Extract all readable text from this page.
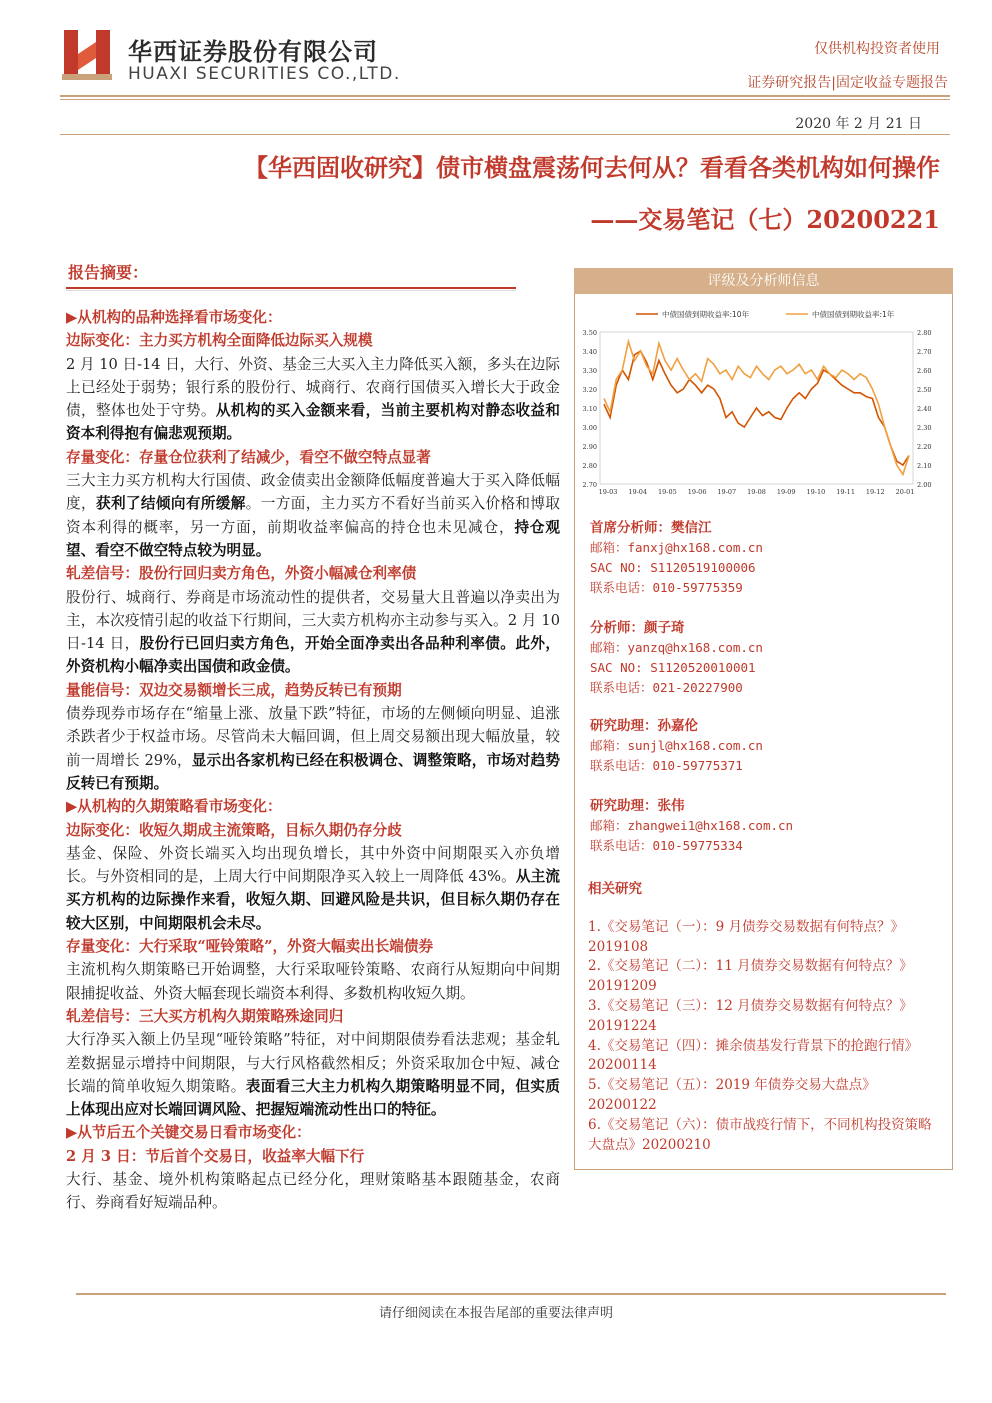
华西证券股份有限公司
HUAXI SECURITIES CO.,LTD.
仅供机构投资者使用
证券研究报告|固定收益专题报告
2020 年 2 月 21 日
【华西固收研究】债市横盘震荡何去何从？看看各类机构如何操作
——交易笔记（七）20200221
报告摘要：

▶从机构的品种选择看市场变化：

边际变化：主力买方机构全面降低边际买入规模

2 月 10 日-14 日，大行、外资、基金三大买入主力降低买入额，多头在边际上已经处于弱势；银行系的股份行、城商行、农商行国债买入增长大于政金债，整体也处于守势。从机构的买入金额来看，当前主要机构对静态收益和资本利得抱有偏悲观预期。

存量变化：存量仓位获利了结减少，看空不做空特点显著

三大主力买方机构大行国债、政金债卖出金额降低幅度普遍大于买入降低幅度，获利了结倾向有所缓解。一方面，主力买方不看好当前买入价格和博取资本利得的概率，另一方面，前期收益率偏高的持仓也未见减仓，持仓观望、看空不做空特点较为明显。

轧差信号：股份行回归卖方角色，外资小幅减仓利率债

股份行、城商行、券商是市场流动性的提供者，交易量大且普遍以净卖出为主，本次疫情引起的收益下行期间，三大卖方机构亦主动参与买入。2 月 10 日-14 日，股份行已回归卖方角色，开始全面净卖出各品种利率债。此外，外资机构小幅净卖出国债和政金债。

量能信号：双边交易额增长三成，趋势反转已有预期

债券现券市场存在“缩量上涨、放量下跌”特征，市场的左侧倾向明显、追涨杀跌者少于权益市场。尽管尚未大幅回调，但上周交易额出现大幅放量，较前一周增长 29%，显示出各家机构已经在积极调仓、调整策略，市场对趋势反转已有预期。

▶从机构的久期策略看市场变化：

边际变化：收短久期成主流策略，目标久期仍存分歧

基金、保险、外资长端买入均出现负增长，其中外资中间期限买入亦负增长。与外资相同的是，上周大行中间期限净买入较上一周降低 43%。从主流买方机构的边际操作来看，收短久期、回避风险是共识，但目标久期仍存在较大区别，中间期限机会未尽。

存量变化：大行采取“哑铃策略”，外资大幅卖出长端债券

主流机构久期策略已开始调整，大行采取哑铃策略、农商行从短期向中间期限捕捉收益、外资大幅套现长端资本利得、多数机构收短久期。

轧差信号：三大买方机构久期策略殊途同归

大行净买入额上仍呈现“哑铃策略”特征，对中间期限债券看法悲观；基金轧差数据显示增持中间期限，与大行风格截然相反；外资采取加仓中短、减仓长端的简单收短久期策略。表面看三大主力机构久期策略明显不同，但实质上体现出应对长端回调风险、把握短端流动性出口的特征。

▶从节后五个关键交易日看市场变化：

2 月 3 日：节后首个交易日，收益率大幅下行

大行、基金、境外机构策略起点已经分化，理财策略基本跟随基金，农商行、券商看好短端品种。

评级及分析师信息
中债国债到期收益率:10年	中债国债到期收益率:1年
3.50
3.40
3.30
3.20
3.10
3.00
2.90
2.80
2.70
2.80
2.70
2.60
2.50
2.40
2.30
2.20
2.10
2.00
19-03 19-04 19-05 19-06 19-07 19-08 19-09 19-10 19-11 19-12 20-01
首席分析师：樊信江
邮箱：fanxj@hx168.com.cn
SAC NO: S1120519100006
联系电话：010-59775359
分析师：颜子琦
邮箱：yanzq@hx168.com.cn
SAC NO: S1120520010001
联系电话：021-20227900
研究助理：孙嘉伦
邮箱：sunjl@hx168.com.cn
联系电话：010-59775371
研究助理：张伟
邮箱：zhangwei1@hx168.com.cn
联系电话：010-59775334
相关研究
1.《交易笔记（一）：9 月债券交易数据有何特点？》 2019108
2.《交易笔记（二）：11 月债券交易数据有何特点？》 20191209
3.《交易笔记（三）：12 月债券交易数据有何特点？》 20191224
4.《交易笔记（四）：摊余债基发行背景下的抢跑行情》20200114
5.《交易笔记（五）：2019 年债券交易大盘点》 20200122
6.《交易笔记（六）：债市战疫行情下，不同机构投资策略大盘点》20200210
请仔细阅读在本报告尾部的重要法律声明
